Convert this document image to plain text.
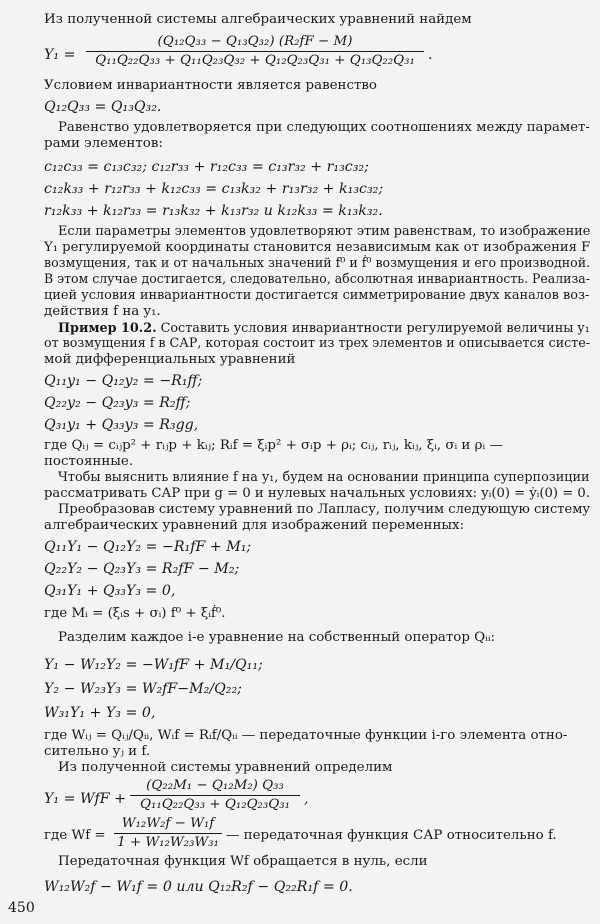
Из полученной системы алгебраических уравнений найдем
Y₁ =
(Q₁₂Q₃₃ − Q₁₃Q₃₂) (R₂fF − M)
Q₁₁Q₂₂Q₃₃ + Q₁₁Q₂₃Q₃₂ + Q₁₂Q₂₃Q₃₁ + Q₁₃Q₂₂Q₃₁ .
Условием инвариантности является равенство
Q₁₂Q₃₃ = Q₁₃Q₃₂.
Равенство удовлетворяется при следующих соотношениях между парамет-
рами элементов:
c₁₂c₃₃ = c₁₃c₃₂; c₁₂r₃₃ + r₁₂c₃₃ = c₁₃r₃₂ + r₁₃c₃₂;
c₁₂k₃₃ + r₁₂r₃₃ + k₁₂c₃₃ = c₁₃k₃₂ + r₁₃r₃₂ + k₁₃c₃₂;
r₁₂k₃₃ + k₁₂r₃₃ = r₁₃k₃₂ + k₁₃r₃₂ и k₁₂k₃₃ = k₁₃k₃₂.
Если параметры элементов удовлетворяют этим равенствам, то изображение
Y₁ регулируемой координаты становится независимым как от изображения F
возмущения, так и от начальных значений f⁰ и ḟ⁰ возмущения и его производной.
В этом случае достигается, следовательно, абсолютная инвариантность. Реализа-
цией условия инвариантности достигается симметрирование двух каналов воз-
действия f на y₁.
Пример 10.2. Составить условия инвариантности регулируемой величины y₁
от возмущения f в САР, которая состоит из трех элементов и описывается систе-
мой дифференциальных уравнений
Q₁₁y₁ − Q₁₂y₂ = −R₁ff;
Q₂₂y₂ − Q₂₃y₃ = R₂ff;
Q₃₁y₁ + Q₃₃y₃ = R₃gg,
где Qᵢⱼ = cᵢⱼp² + rᵢⱼp + kᵢⱼ; Rᵢf = ξᵢp² + σᵢp + ρᵢ; cᵢⱼ, rᵢⱼ, kᵢⱼ, ξᵢ, σᵢ и ρᵢ —
постоянные.
Чтобы выяснить влияние f на y₁, будем на основании принципа суперпозиции
рассматривать САР при g = 0 и нулевых начальных условиях: yᵢ(0) = ẏᵢ(0) = 0.
Преобразовав систему уравнений по Лапласу, получим следующую систему
алгебраических уравнений для изображений переменных:
Q₁₁Y₁ − Q₁₂Y₂ = −R₁fF + M₁;
Q₂₂Y₂ − Q₂₃Y₃ = R₂fF − M₂;
Q₃₁Y₁ + Q₃₃Y₃ = 0,
где Mᵢ = (ξᵢs + σᵢ) f⁰ + ξᵢḟ⁰.
Разделим каждое i-е уравнение на собственный оператор Qᵢᵢ:
Y₁ − W₁₂Y₂ = −W₁fF + M₁/Q₁₁;
Y₂ − W₂₃Y₃ = W₂fF−M₂/Q₂₂;
W₃₁Y₁ + Y₃ = 0,
где Wᵢⱼ = Qᵢⱼ/Qᵢᵢ, Wᵢf = Rᵢf/Qᵢᵢ — передаточные функции i-го элемента отно-
сительно yⱼ и f.
Из полученной системы уравнений определим
Y₁ = WfF +
(Q₂₂M₁ − Q₁₂M₂) Q₃₃
Q₁₁Q₂₂Q₃₃ + Q₁₂Q₂₃Q₃₁ ,
где Wf =
W₁₂W₂f − W₁f
1 + W₁₂W₂₃W₃₁ — передаточная функция САР относительно f.
Передаточная функция Wf обращается в нуль, если
W₁₂W₂f − W₁f = 0 или Q₁₂R₂f − Q₂₂R₁f = 0.
450
